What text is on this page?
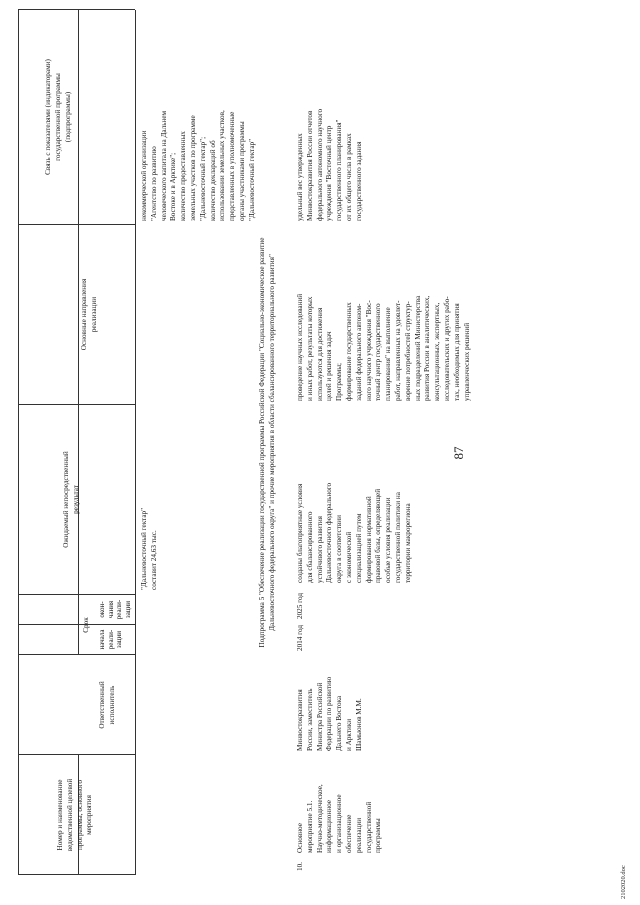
87
Номер и наименование
ведомственной целевой
программы, основного
мероприятия
Ответственный
исполнитель
Срок
начала
реали-
зации
окон-
чания
реали-
зации
Ожидаемый непосредственный
результат
Основные направления
реализации
Связь с показателями (индикаторами)
государственной программы
(подпрограммы)
"Дальневосточный гектар"
составит 24,63 тыс.
некоммерческой организации
"Агентство по развитию
человеческого капитала на Дальнем
Востоке и в Арктике";
количество предоставленных
земельных участков по программе
"Дальневосточный гектар";
количество деклараций об
использовании земельных участков,
представленных в уполномоченные
органы участниками программы
"Дальневосточный гектар"
Подпрограмма 5 "Обеспечение реализации государственной программы Российской Федерации "Социально-экономическое развитие
Дальневосточного федерального округа" и прочие мероприятия в области сбалансированного территориального развития"
10.
Основное
мероприятие 5.1.
Научно-методическое,
информационное
и организационное
обеспечение
реализации
государственной
программы
Минвостокразвития
России, заместитель
Министра Российской
Федерации по развитию
Дальнего Востока
и Арктики
Шамьюнов М.М.
2014 год
2025 год
созданы благоприятные условия
для сбалансированного
устойчивого развития
Дальневосточного федерального
округа в соответствии
с экономической
специализацией путем
формирования нормативной
правовой базы, определяющей
особые условия реализации
государственной политики на
территории макрорегиона
проведение научных исследований
и иных работ, результаты которых
используются для достижения
целей и решения задач
Программы;
формирование государственных
заданий федерального автоном-
ного научного учреждения "Вос-
точный центр государственного
планирования" на выполнение
работ, направленных на удовлет-
ворение потребностей структур-
ных подразделений Министерства
развития России в аналитических,
консультационных, экспертных,
исследовательских и других рабо-
тах, необходимых для принятия
управленческих решений
удельный вес утвержденных
Минвостокразвития России отчетов
федерального автономного научного
учреждения "Восточный центр
государственного планирования"
от их общего числа в рамках
государственного задания
2102020.doc
